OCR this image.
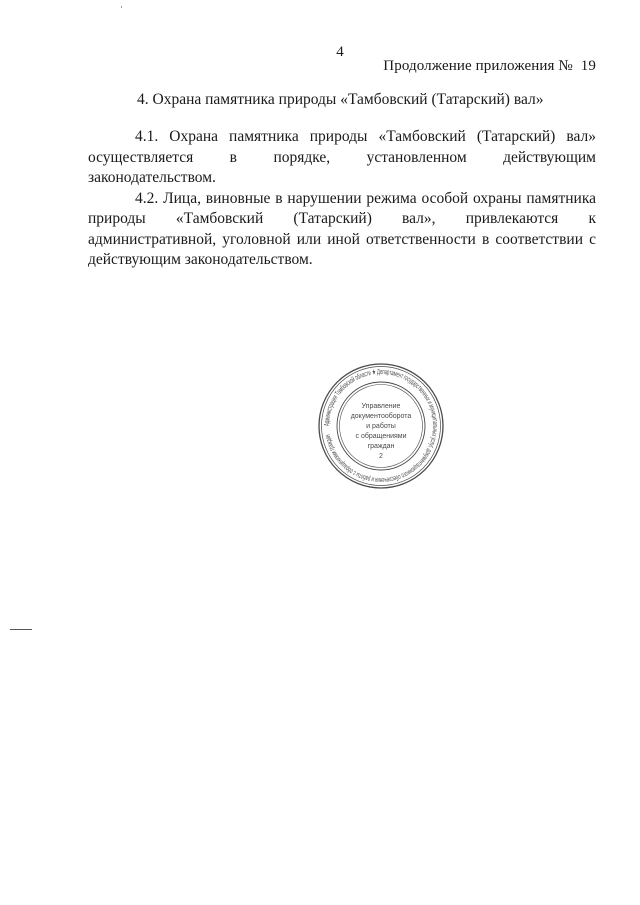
4
Продолжение приложения № 19
4. Охрана памятника природы «Тамбовский (Татарский) вал»

4.1. Охрана памятника природы «Тамбовский (Татарский) вал» осуществляется в порядке, установленном действующим законодательством.

4.2. Лица, виновные в нарушении режима особой охраны памятника природы «Тамбовский (Татарский) вал», привлекаются к административной, уголовной или иной ответственности в соответствии с действующим законодательством.

Администрация Тамбовской области ★ Департамент государственных и муниципальных услуг, документационного обеспечения и работы с обращениями граждан
Управление
документооборота
и работы
с обращениями
граждан
2
